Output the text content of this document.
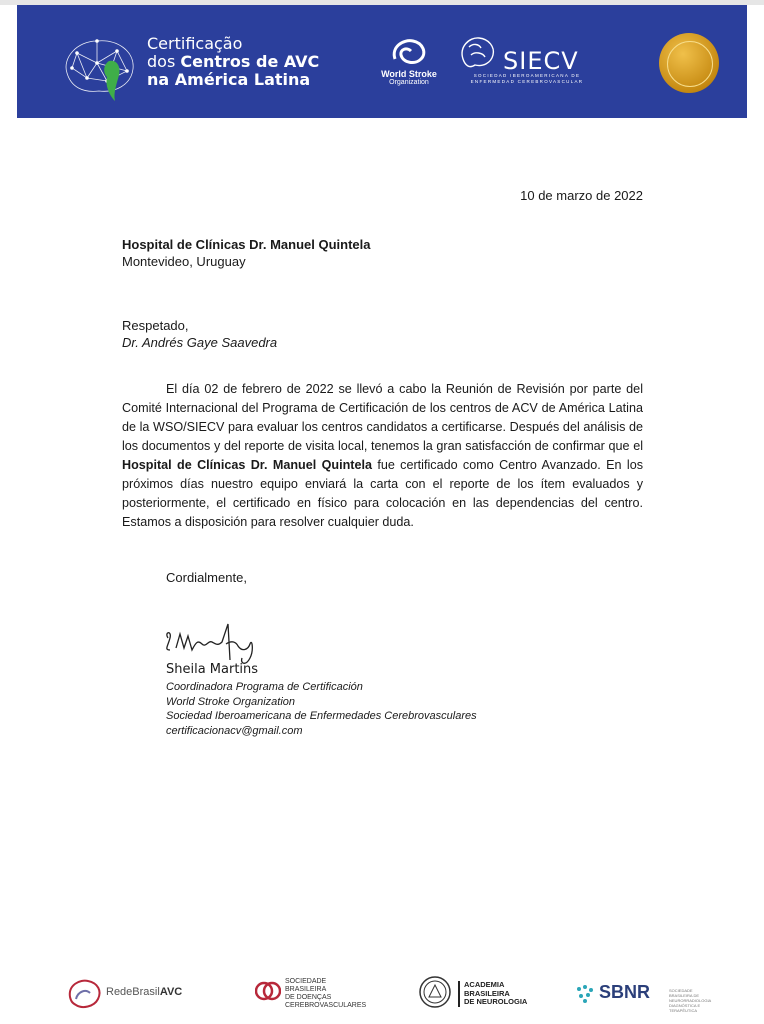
Certificação
dos Centros de AVC
na América Latina	World Stroke
Organization
SIECV
SOCIEDAD IBEROAMERICANA DE ENFERMEDAD CEREBROVASCULAR
10 de marzo de 2022
Hospital de Clínicas Dr. Manuel Quintela
Montevideo, Uruguay
Respetado,
Dr. Andrés Gaye Saavedra
El día 02 de febrero de 2022 se llevó a cabo la Reunión de Revisión por parte del Comité Internacional del Programa de Certificación de los centros de ACV de América Latina de la WSO/SIECV para evaluar los centros candidatos a certificarse. Después del análisis de los documentos y del reporte de visita local, tenemos la gran satisfacción de confirmar que el Hospital de Clínicas Dr. Manuel Quintela fue certificado como Centro Avanzado. En los próximos días nuestro equipo enviará la carta con el reporte de los ítem evaluados y posteriormente, el certificado en físico para colocación en las dependencias del centro. Estamos a disposición para resolver cualquier duda.
Cordialmente,
Sheila Martins
Coordinadora Programa de Certificación
World Stroke Organization
Sociedad Iberoamericana de Enfermedades Cerebrovasculares
certificacionacv@gmail.com
RedeBrasilAVC
SOCIEDADE
BRASILEIRA
DE DOENÇAS
CEREBROVASCULARES
ACADEMIA
BRASILEIRA
DE NEUROLOGIA	SBNR	SOCIEDADE BRASILEIRA DE NEURORRADIOLOGIA DIAGNÓSTICA E TERAPÊUTICA
